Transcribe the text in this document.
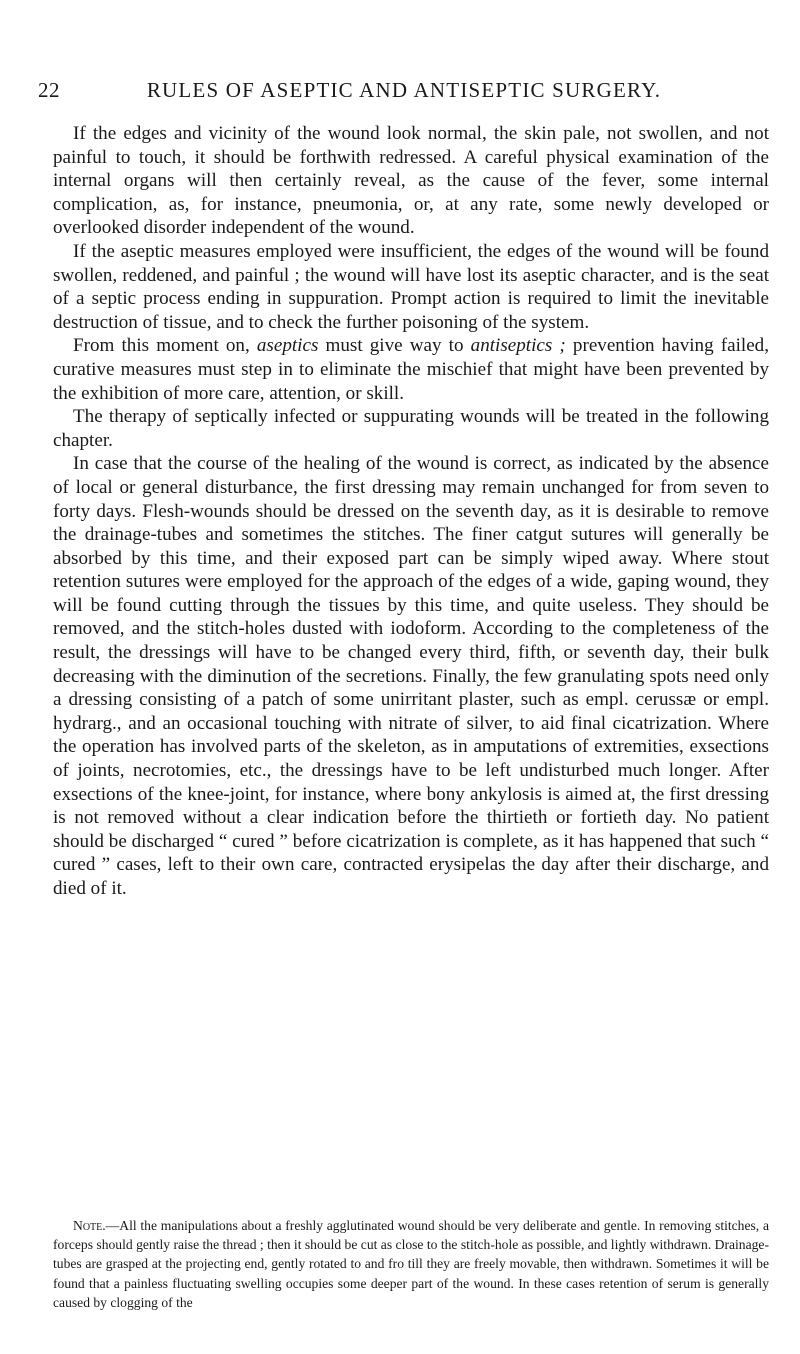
22	RULES OF ASEPTIC AND ANTISEPTIC SURGERY.

If the edges and vicinity of the wound look normal, the skin pale, not swollen, and not painful to touch, it should be forthwith redressed. A careful physical examination of the internal organs will then certainly reveal, as the cause of the fever, some internal complication, as, for instance, pneumonia, or, at any rate, some newly developed or overlooked disorder independent of the wound.

If the aseptic measures employed were insufficient, the edges of the wound will be found swollen, reddened, and painful ; the wound will have lost its aseptic character, and is the seat of a septic process ending in suppuration. Prompt action is required to limit the inevitable destruction of tissue, and to check the further poisoning of the system.

From this moment on, aseptics must give way to antiseptics ; prevention having failed, curative measures must step in to eliminate the mischief that might have been prevented by the exhibition of more care, attention, or skill.

The therapy of septically infected or suppurating wounds will be treated in the following chapter.

In case that the course of the healing of the wound is correct, as indicated by the absence of local or general disturbance, the first dressing may remain unchanged for from seven to forty days. Flesh-wounds should be dressed on the seventh day, as it is desirable to remove the drainage-tubes and sometimes the stitches. The finer catgut sutures will generally be absorbed by this time, and their exposed part can be simply wiped away. Where stout retention sutures were employed for the approach of the edges of a wide, gaping wound, they will be found cutting through the tissues by this time, and quite useless. They should be removed, and the stitch-holes dusted with iodoform. According to the completeness of the result, the dressings will have to be changed every third, fifth, or seventh day, their bulk decreasing with the diminution of the secretions. Finally, the few granulating spots need only a dressing consisting of a patch of some unirritant plaster, such as empl. cerussæ or empl. hydrarg., and an occasional touching with nitrate of silver, to aid final cicatrization. Where the operation has involved parts of the skeleton, as in amputations of extremities, exsections of joints, necrotomies, etc., the dressings have to be left undisturbed much longer. After exsections of the knee-joint, for instance, where bony ankylosis is aimed at, the first dressing is not removed without a clear indication before the thirtieth or fortieth day. No patient should be discharged “ cured ” before cicatrization is complete, as it has happened that such “ cured ” cases, left to their own care, contracted erysipelas the day after their discharge, and died of it.

Note.—All the manipulations about a freshly agglutinated wound should be very deliberate and gentle. In removing stitches, a forceps should gently raise the thread ; then it should be cut as close to the stitch-hole as possible, and lightly withdrawn. Drainage-tubes are grasped at the projecting end, gently rotated to and fro till they are freely movable, then withdrawn. Sometimes it will be found that a painless fluctuating swelling occupies some deeper part of the wound. In these cases retention of serum is generally caused by clogging of the
